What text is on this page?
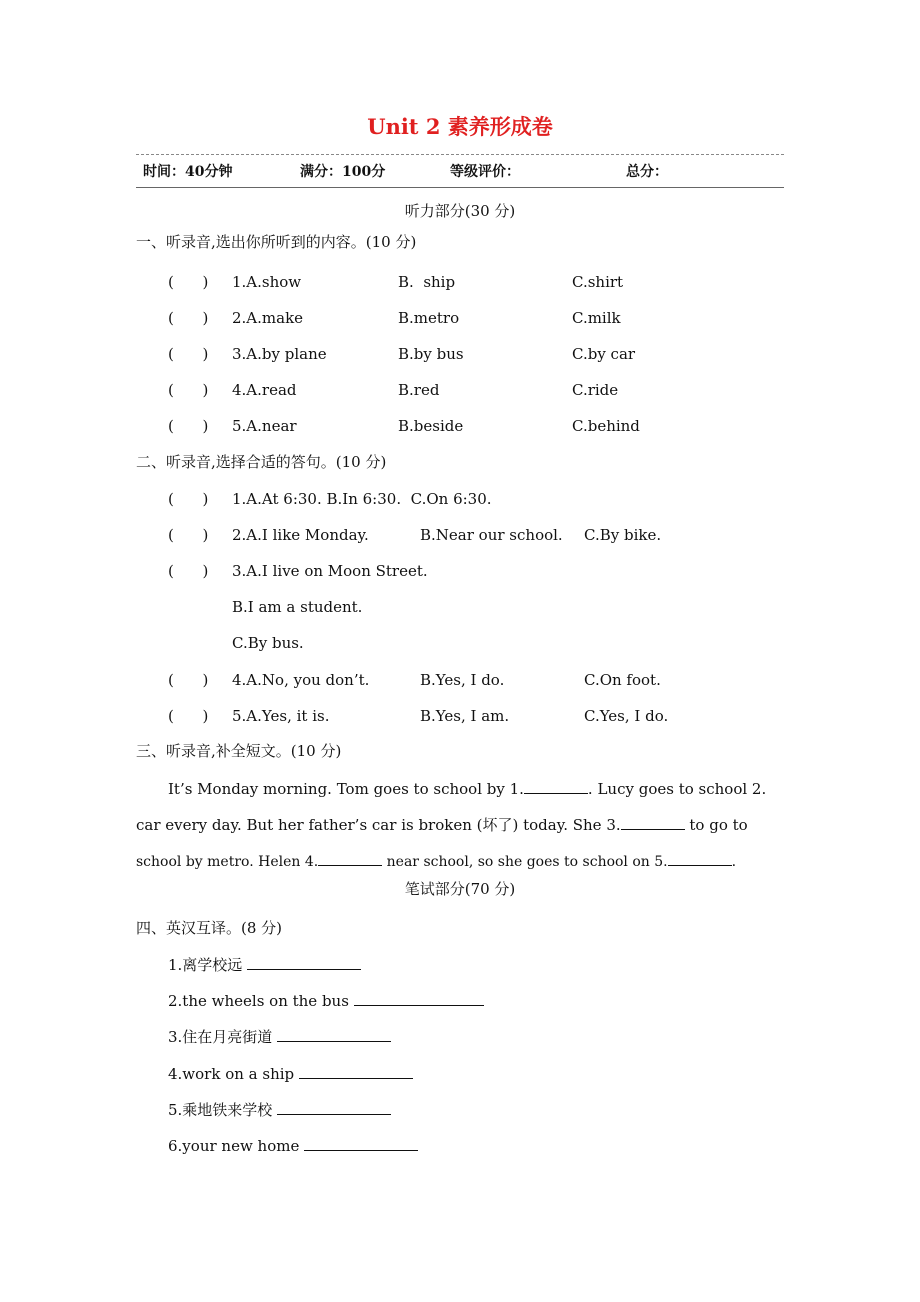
Unit 2 素养形成卷
时间：40分钟	满分：100分	等级评价：	总分：
听力部分(30 分)
一、听录音,选出你所听到的内容。(10 分)
(      ) 1.A.show	B.  ship	C.shirt
(      ) 2.A.make	B.metro	C.milk
(      ) 3.A.by plane	B.by bus	C.by car
(      ) 4.A.read	B.red	C.ride
(      ) 5.A.near	B.beside	C.behind
二、听录音,选择合适的答句。(10 分)
(      ) 1.A.At 6:30. B.In 6:30.  C.On 6:30.
(      ) 2.A.I like Monday.	B.Near our school. C.By bike.
(      ) 3.A.I live on Moon Street.
B.I am a student.
C.By bus.
(      ) 4.A.No, you don’t.	B.Yes, I do.	C.On foot.
(      ) 5.A.Yes, it is.	B.Yes, I am.	C.Yes, I do.
三、听录音,补全短文。(10 分)
It’s Monday morning. Tom goes to school by 1.	. Lucy goes to school 2.
car every day. But her father’s car is broken (坏了) today. She 3.	to go to
school by metro. Helen 4.	near school, so she goes to school on 5.	.
笔试部分(70 分)
四、英汉互译。(8 分)
1.离学校远
2.the wheels on the bus
3.住在月亮街道
4.work on a ship
5.乘地铁来学校
6.your new home
